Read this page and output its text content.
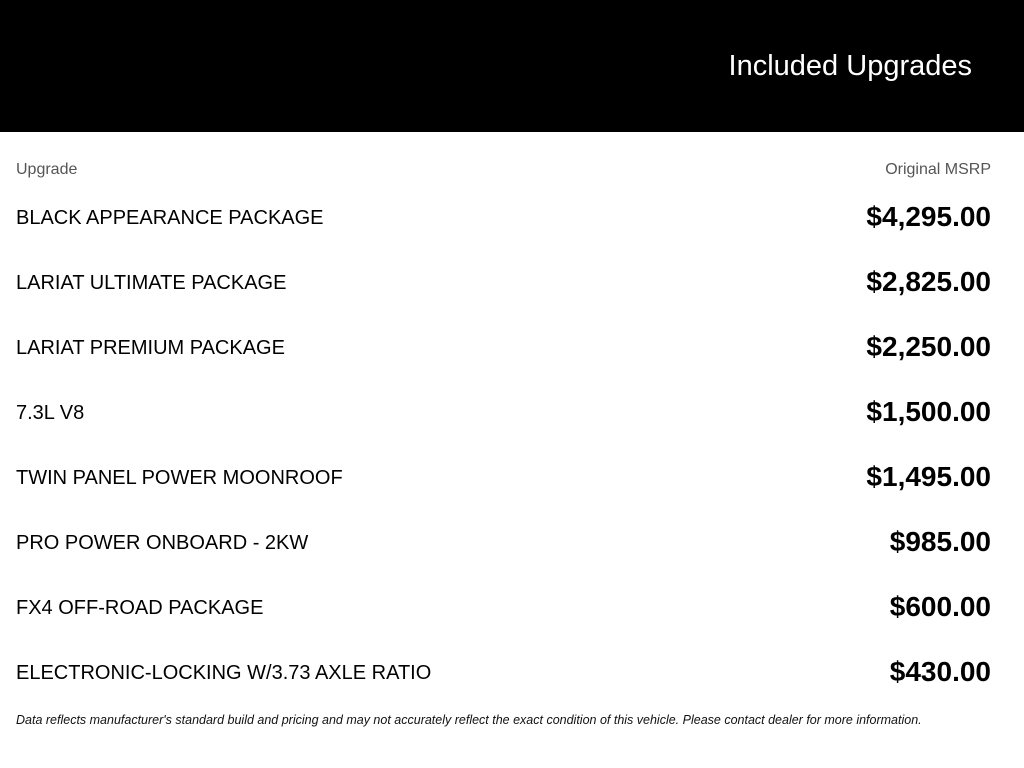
Included Upgrades
Upgrade	Original MSRP
BLACK APPEARANCE PACKAGE	$4,295.00
LARIAT ULTIMATE PACKAGE	$2,825.00
LARIAT PREMIUM PACKAGE	$2,250.00
7.3L V8	$1,500.00
TWIN PANEL POWER MOONROOF	$1,495.00
PRO POWER ONBOARD - 2KW	$985.00
FX4 OFF-ROAD PACKAGE	$600.00
ELECTRONIC-LOCKING W/3.73 AXLE RATIO	$430.00
Data reflects manufacturer's standard build and pricing and may not accurately reflect the exact condition of this vehicle. Please contact dealer for more information.
